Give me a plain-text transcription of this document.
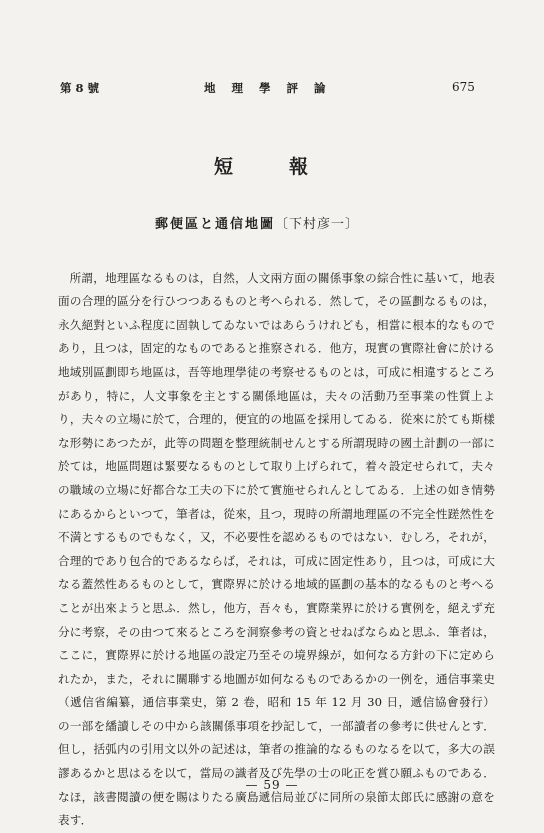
第 8 號	地 理 學 評 論	675
短報
郵便區と通信地圖〔下村彦一〕

所謂，地理區なるものは，自然，人文兩方面の關係事象の綜合性に基いて，地表面の合理的區分を行ひつつあるものと考へられる．然して，その區劃なるものは，永久絕對といふ程度に固執してゐないではあらうけれども，相當に根本的なものであり，且つは，固定的なものであると推察される．他方，現實の實際社會に於ける地域別區劃即ち地區は，吾等地理學徒の考察せるものとは，可成に相違するところがあり，特に，人文事象を主とする關係地區は，夫々の活動乃至事業の性質上より，夫々の立場に於て，合理的，便宜的の地區を採用してゐる．從來に於ても斯樣な形勢にあつたが，此等の問題を整理統制せんとする所謂現時の國土計劃の一部に於ては，地區問題は緊要なるものとして取り上げられて，着々設定せられて，夫々の職域の立場に好都合な工夫の下に於て實施せられんとしてゐる．上述の如き情勢にあるからといつて，筆者は，從來，且つ，現時の所謂地理區の不完全性蹉然性を不満とするものでもなく，又，不必要性を認めるものではない．むしろ，それが，合理的であり包合的であるならば，それは，可成に固定性あり，且つは，可成に大なる蓋然性あるものとして，實際界に於ける地域的區劃の基本的なるものと考へることが出來ようと思ふ．然し，他方，吾々も，實際業界に於ける實例を，絕えず充分に考察，その由つて來るところを洞察參考の資とせねばならぬと思ふ．筆者は，ここに，實際界に於ける地區の設定乃至その境界線が，如何なる方針の下に定められたか，また，それに關聯する地圖が如何なるものであるかの一例を，通信事業史（遞信省編纂，通信事業史，第 2 卷，昭和 15 年 12 月 30 日，遞信協會發行）の一部を繙讀しその中から該關係事項を抄記して，一部讀者の參考に供せんとす．但し，括弧内の引用文以外の記述は，筆者の推論的なるものなるを以て，多大の誤謬あるかと思はるを以て，當局の識者及び先學の士の叱正を賞ひ願ふものである．なほ，該書閱讀の便を賜はりたる廣島遞信局並びに同所の泉節太郎氏に感謝の意を表す．

— 59 —
